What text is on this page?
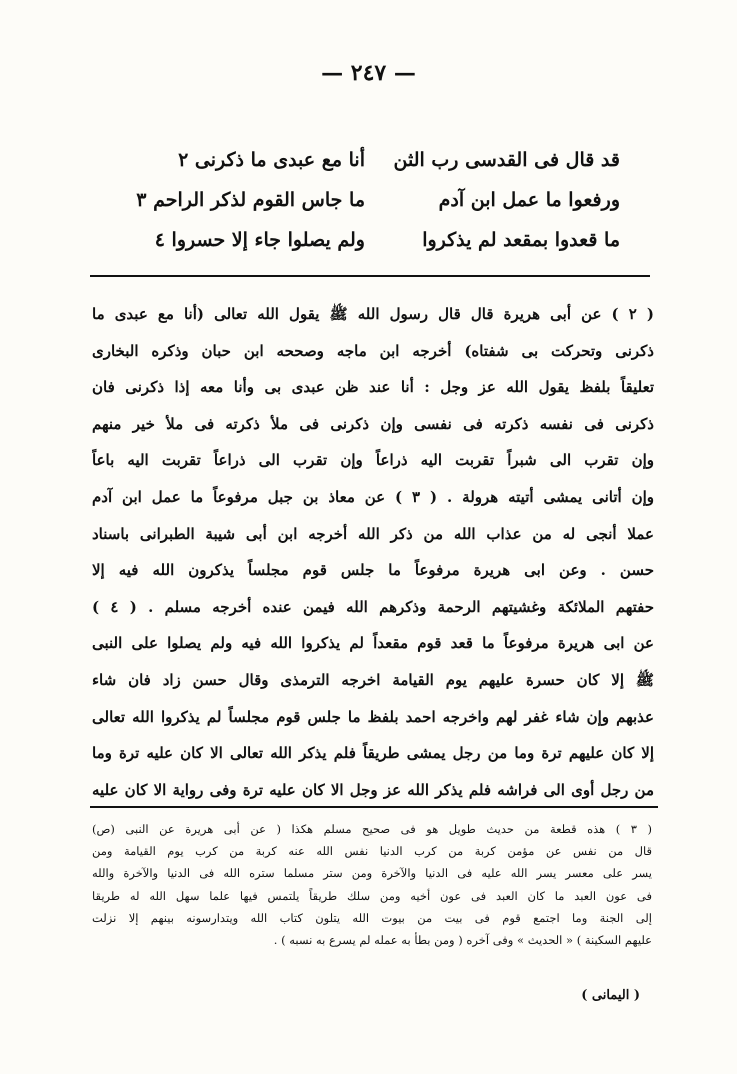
— ٢٤٧ —
قد قال فى القدسى رب الثن
أنا مع عبدى ما ذكرنى ٢
ورفعوا ما عمل ابن آدم
ما جاس القوم لذكر الراحم ٣
ما قعدوا بمقعد لم يذكروا
ولم يصلوا جاء إلا حسروا ٤

( ٢ ) عن أبى هريرة قال قال رسول الله ﷺ يقول الله تعالى (أنا مع عبدى ما

ذكرنى وتحركت بى شفتاه) أخرجه ابن ماجه وصححه ابن حبان وذكره البخارى

تعليقاً بلفظ يقول الله عز وجل : أنا عند ظن عبدى بى وأنا معه إذا ذكرنى فان

ذكرنى فى نفسه ذكرته فى نفسى وإن ذكرنى فى ملأ ذكرته فى ملأ خير منهم

وإن تقرب الى شبراً تقربت اليه ذراعاً وإن تقرب الى ذراعاً تقربت اليه باعاً

وإن أتانى يمشى أتيته هرولة . ( ٣ ) عن معاذ بن جبل مرفوعاً ما عمل ابن آدم

عملا أنجى له من عذاب الله من ذكر الله أخرجه ابن أبى شيبة الطبرانى باسناد

حسن . وعن ابى هريرة مرفوعاً ما جلس قوم مجلساً يذكرون الله فيه إلا

حفتهم الملائكة وغشيتهم الرحمة وذكرهم الله فيمن عنده أخرجه مسلم . ( ٤ )

عن ابى هريرة مرفوعاً ما قعد قوم مقعداً لم يذكروا الله فيه ولم يصلوا على النبى

ﷺ إلا كان حسرة عليهم يوم القيامة اخرجه الترمذى وقال حسن زاد فان شاء

عذبهم وإن شاء غفر لهم واخرجه احمد بلفظ ما جلس قوم مجلساً لم يذكروا الله تعالى

إلا كان عليهم ترة وما من رجل يمشى طريقاً فلم يذكر الله تعالى الا كان عليه ترة وما

من رجل أوى الى فراشه فلم يذكر الله عز وجل الا كان عليه ترة وفى رواية الا كان عليه

( ٣ ) هذه قطعة من حديث طويل هو فى صحيح مسلم هكذا ( عن أبى هريرة عن النبى (ص)

قال من نفس عن مؤمن كربة من كرب الدنيا نفس الله عنه كربة من كرب يوم القيامة ومن

يسر على معسر يسر الله عليه فى الدنيا والآخرة ومن ستر مسلما ستره الله فى الدنيا والآخرة والله

فى عون العبد ما كان العبد فى عون أخيه ومن سلك طريقاً يلتمس فيها علما سهل الله له طريقا

إلى الجنة وما اجتمع قوم فى بيت من بيوت الله يتلون كتاب الله ويتدارسونه بينهم إلا نزلت

عليهم السكينة ) « الحديث » وفى آخره ( ومن بطأ به عمله لم يسرع به نسبه ) .

( اليمانى )
